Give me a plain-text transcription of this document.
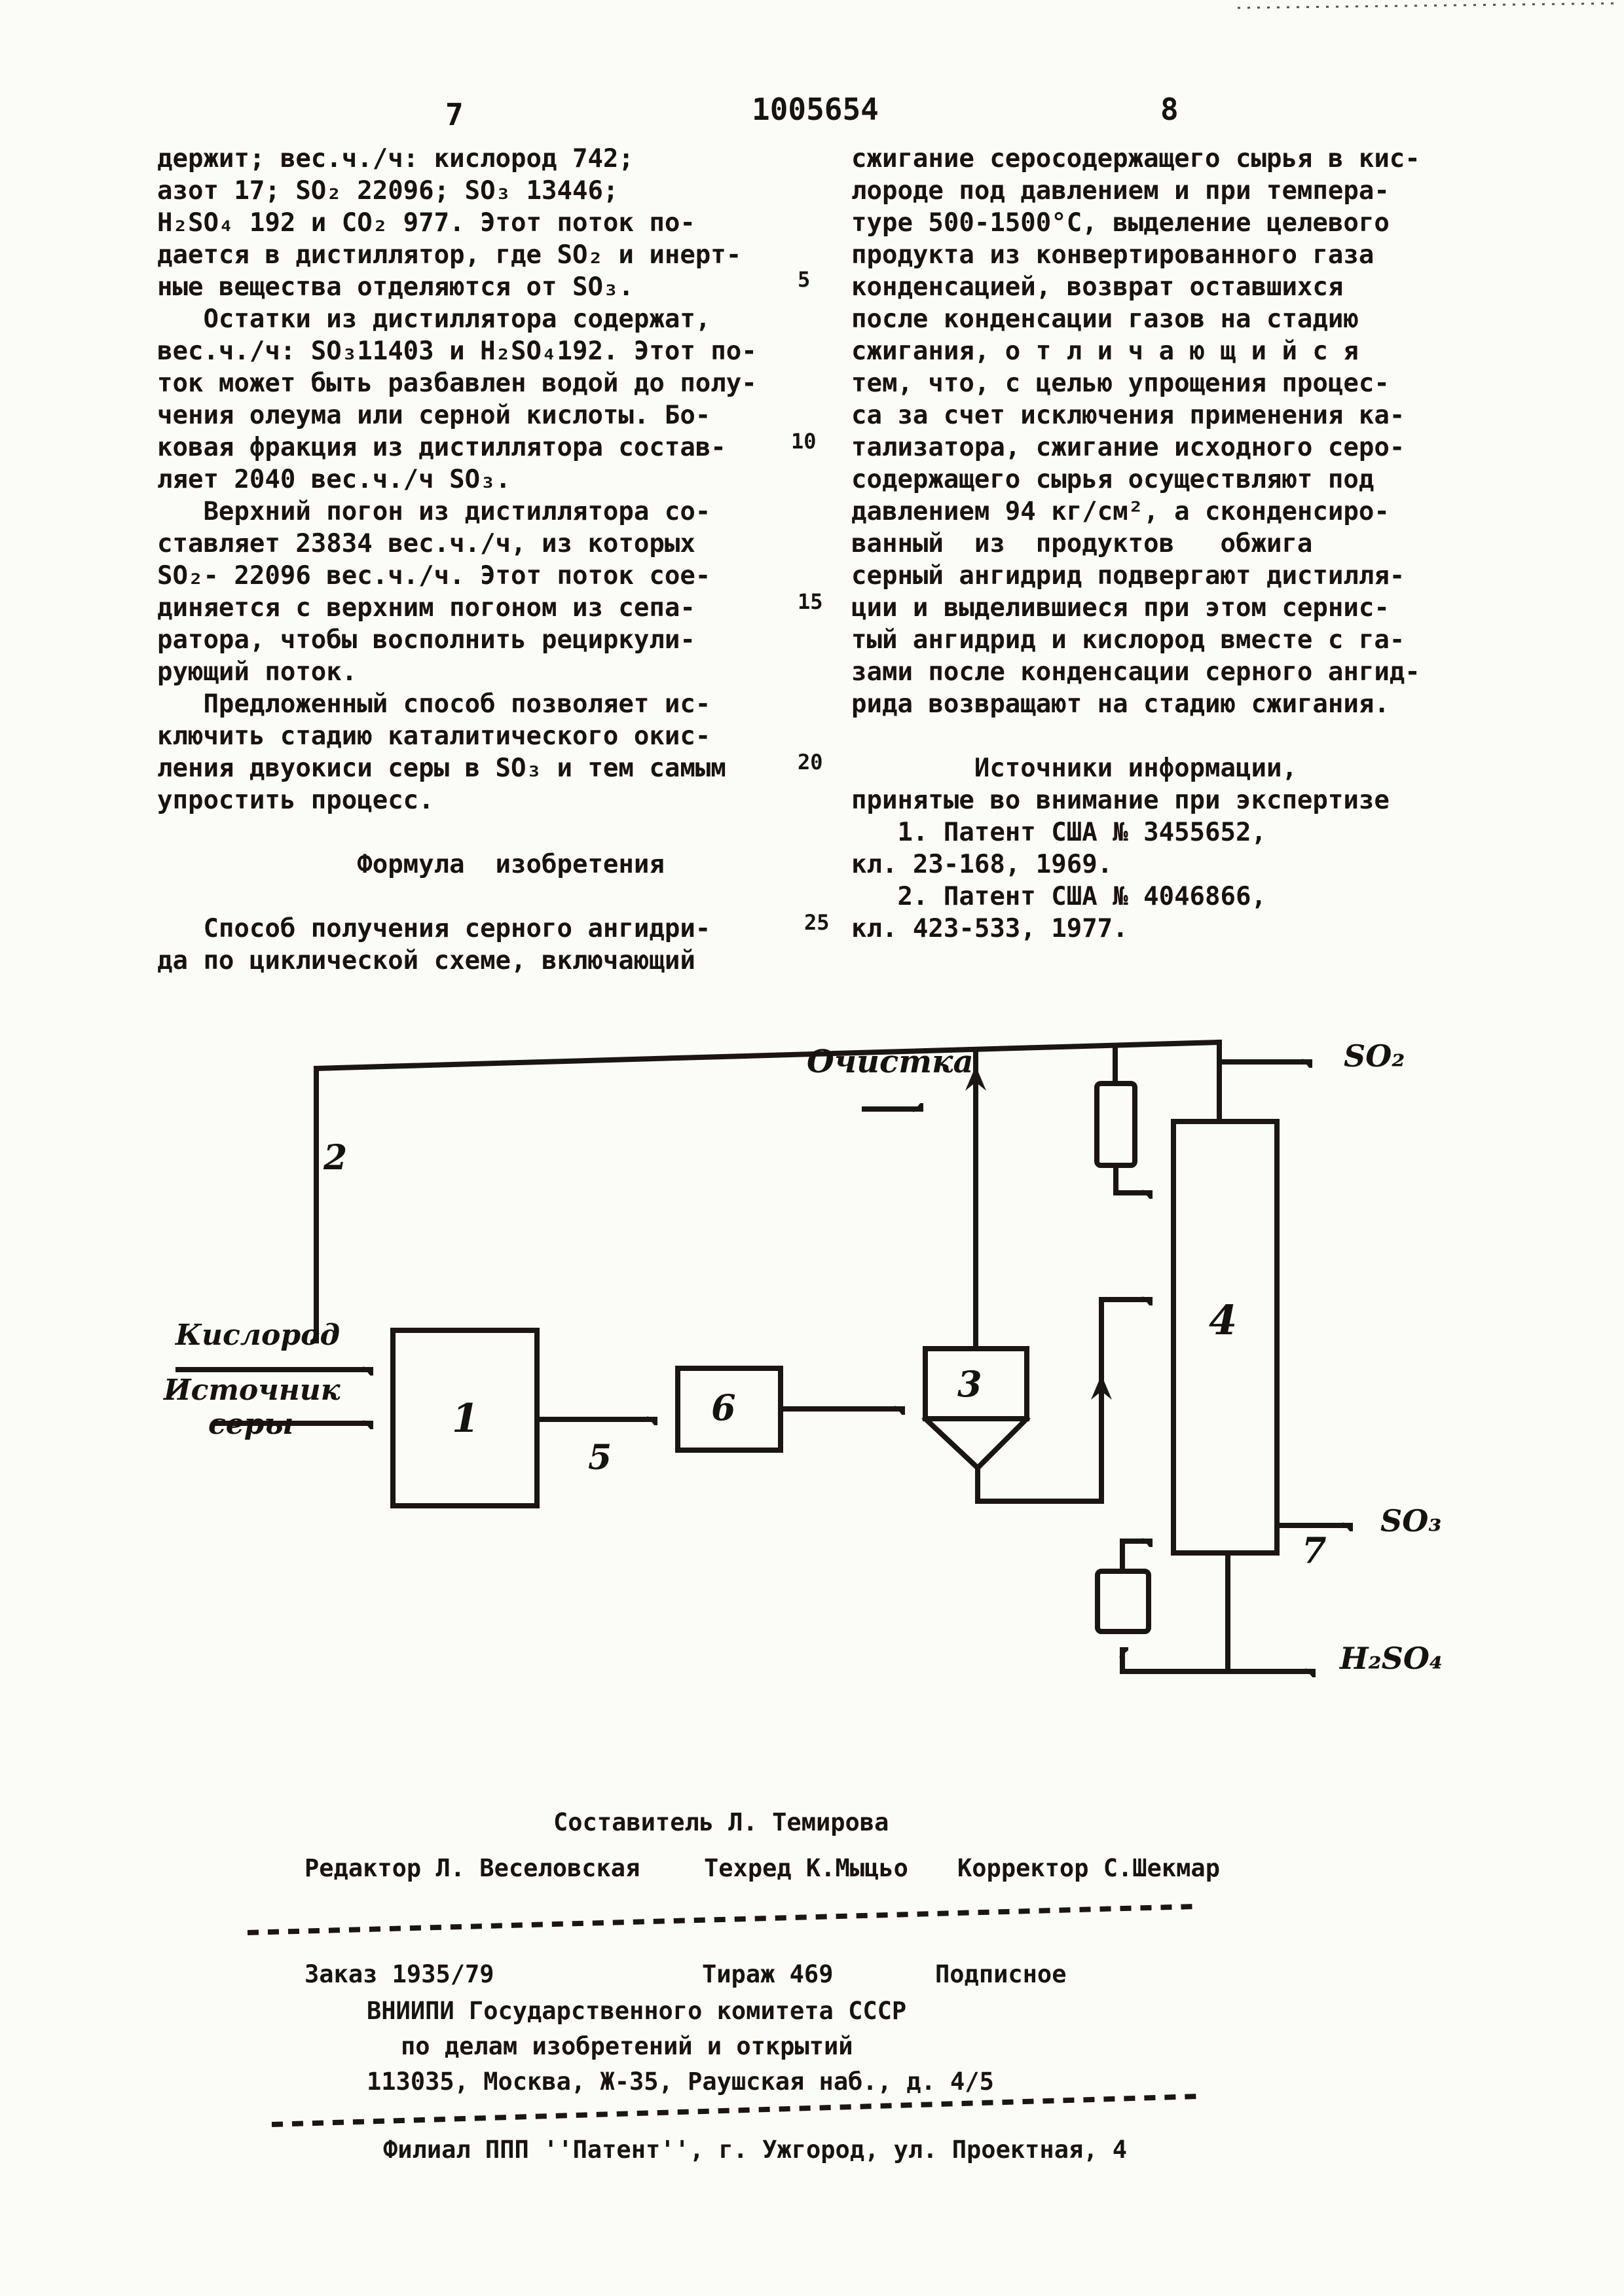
7	1005654	8
держит; вес.ч./ч: кислород 742;
азот 17; SO₂ 22096; SO₃ 13446;
H₂SO₄ 192 и CO₂ 977. Этот поток по-
дается в дистиллятор, где SO₂ и инерт-
ные вещества отделяются от SO₃.
Остатки из дистиллятора содержат,
вес.ч./ч: SO₃11403 и H₂SO₄192. Этот по-
ток может быть разбавлен водой до полу-
чения олеума или серной кислоты. Бо-
ковая фракция из дистиллятора состав-
ляет 2040 вес.ч./ч SO₃.
Верхний погон из дистиллятора со-
ставляет 23834 вес.ч./ч, из которых
SO₂- 22096 вес.ч./ч. Этот поток сое-
диняется с верхним погоном из сепа-
ратора, чтобы восполнить рециркули-
рующий поток.
Предложенный способ позволяет ис-
ключить стадию каталитического окис-
ления двуокиси серы в SO₃ и тем самым
упростить процесс.
Формула  изобретения
Способ получения серного ангидри-
да по циклической схеме, включающий
сжигание серосодержащего сырья в кис-
лороде под давлением и при темпера-
туре 500-1500°С, выделение целевого
продукта из конвертированного газа
конденсацией, возврат оставшихся
после конденсации газов на стадию
сжигания, о т л и ч а ю щ и й с я
тем, что, с целью упрощения процес-
са за счет исключения применения ка-
тализатора, сжигание исходного серо-
содержащего сырья осуществляют под
давлением 94 кг/см², а сконденсиро-
ванный  из  продуктов   обжига
серный ангидрид подвергают дистилля-
ции и выделившиеся при этом сернис-
тый ангидрид и кислород вместе с га-
зами после конденсации серного ангид-
рида возвращают на стадию сжигания.
Источники информации,
принятые во внимание при экспертизе
1. Патент США № 3455652,
кл. 23-168, 1969.
2. Патент США № 4046866,
кл. 423-533, 1977.
5
10
15
20
25
Очистка
Кислород
Источник
серы
2
1
5
6
3
4
7
SO₂
SO₃
H₂SO₄
Составитель Л. Темирова
Редактор Л. Веселовская	Техред К.Мыцьо Корректор С.Шекмар
Заказ 1935/79	Тираж 469	Подписное
ВНИИПИ Государственного комитета СССР
по делам изобретений и открытий
113035, Москва, Ж-35, Раушская наб., д. 4/5
Филиал ППП ''Патент'', г. Ужгород, ул. Проектная, 4
